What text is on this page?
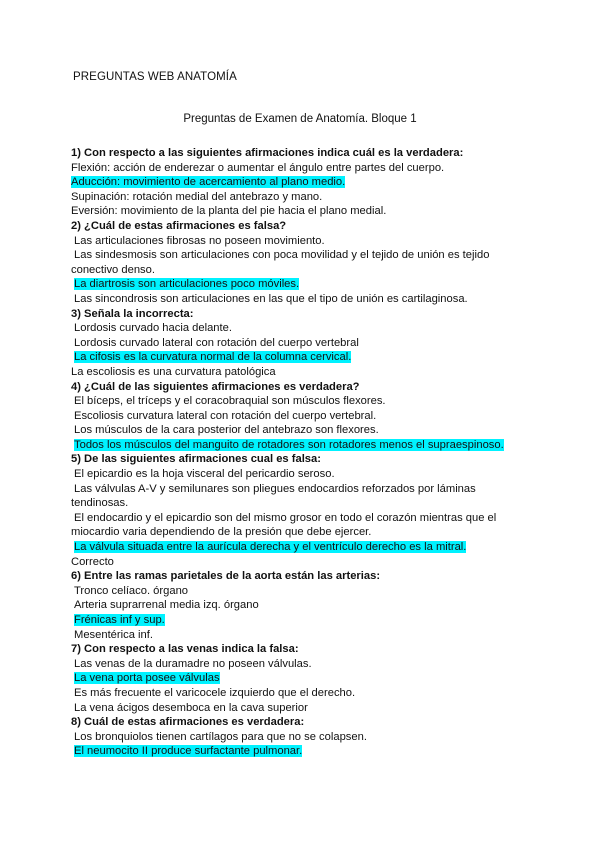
PREGUNTAS WEB ANATOMÍA
Preguntas de Examen de Anatomía. Bloque 1
1) Con respecto a las siguientes afirmaciones indica cuál es la verdadera:
Flexión: acción de enderezar o aumentar el ángulo entre partes del cuerpo.
Aducción: movimiento de acercamiento al plano medio.
Supinación: rotación medial del antebrazo y mano.
Eversión: movimiento de la planta del pie hacia el plano medial.
2) ¿Cuál de estas afirmaciones es falsa?
Las articulaciones fibrosas no poseen movimiento.
Las sindesmosis son articulaciones con poca movilidad y el tejido de unión es tejido
conectivo denso.
La diartrosis son articulaciones poco móviles.
Las sincondrosis son articulaciones en las que el tipo de unión es cartilaginosa.
3) Señala la incorrecta:
Lordosis curvado hacia delante.
Lordosis curvado lateral con rotación del cuerpo vertebral
La cifosis es la curvatura normal de la columna cervical.
La escoliosis es una curvatura patológica
4) ¿Cuál de las siguientes afirmaciones es verdadera?
El bíceps, el tríceps y el coracobraquial son músculos flexores.
Escoliosis curvatura lateral con rotación del cuerpo vertebral.
Los músculos de la cara posterior del antebrazo son flexores.
Todos los músculos del manguito de rotadores son rotadores menos el supraespinoso.
5) De las siguientes afirmaciones cual es falsa:
El epicardio es la hoja visceral del pericardio seroso.
Las válvulas A-V y semilunares son pliegues endocardios reforzados por láminas
tendinosas.
El endocardio y el epicardio son del mismo grosor en todo el corazón mientras que el
miocardio varia dependiendo de la presión que debe ejercer.
La válvula situada entre la aurícula derecha y el ventrículo derecho es la mitral.
Correcto
6) Entre las ramas parietales de la aorta están las arterias:
Tronco celíaco. órgano
Arteria suprarrenal media izq. órgano
Frénicas inf y sup.
Mesentérica inf.
7) Con respecto a las venas indica la falsa:
Las venas de la duramadre no poseen válvulas.
La vena porta posee válvulas
Es más frecuente el varicocele izquierdo que el derecho.
La vena ácigos desemboca en la cava superior
8) Cuál de estas afirmaciones es verdadera:
Los bronquiolos tienen cartílagos para que no se colapsen.
El neumocito II produce surfactante pulmonar.
